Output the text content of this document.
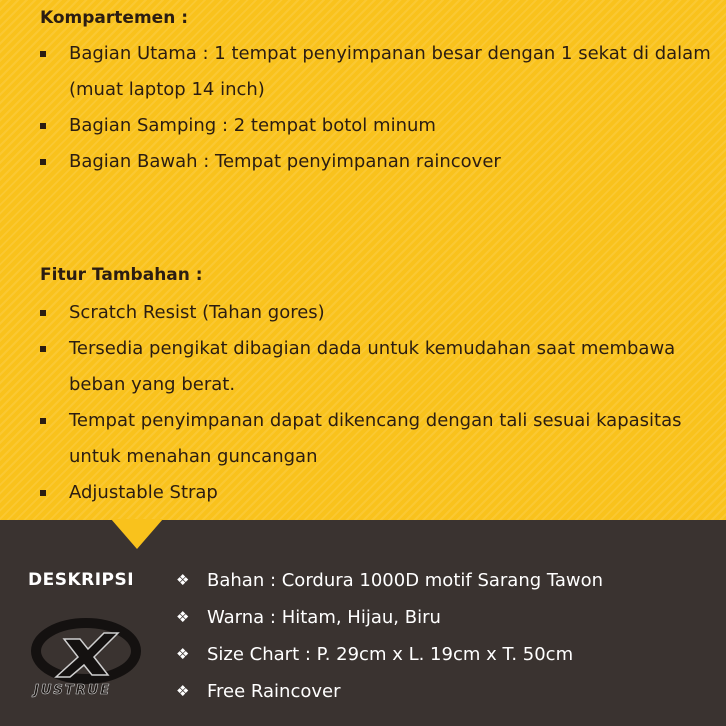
Kompartemen :
Bagian Utama : 1 tempat penyimpanan besar dengan 1 sekat di dalam (muat laptop 14 inch)
Bagian Samping : 2 tempat botol minum
Bagian Bawah : Tempat penyimpanan raincover
Fitur Tambahan :
Scratch Resist (Tahan gores)
Tersedia pengikat dibagian dada untuk kemudahan saat membawa beban yang berat.
Tempat penyimpanan dapat dikencang dengan tali sesuai kapasitas untuk menahan guncangan
Adjustable Strap
DESKRIPSI
JUSTRUE
❖ Bahan : Cordura 1000D motif Sarang Tawon
❖ Warna : Hitam, Hijau, Biru
❖ Size Chart : P. 29cm x L. 19cm x T. 50cm
❖ Free Raincover
